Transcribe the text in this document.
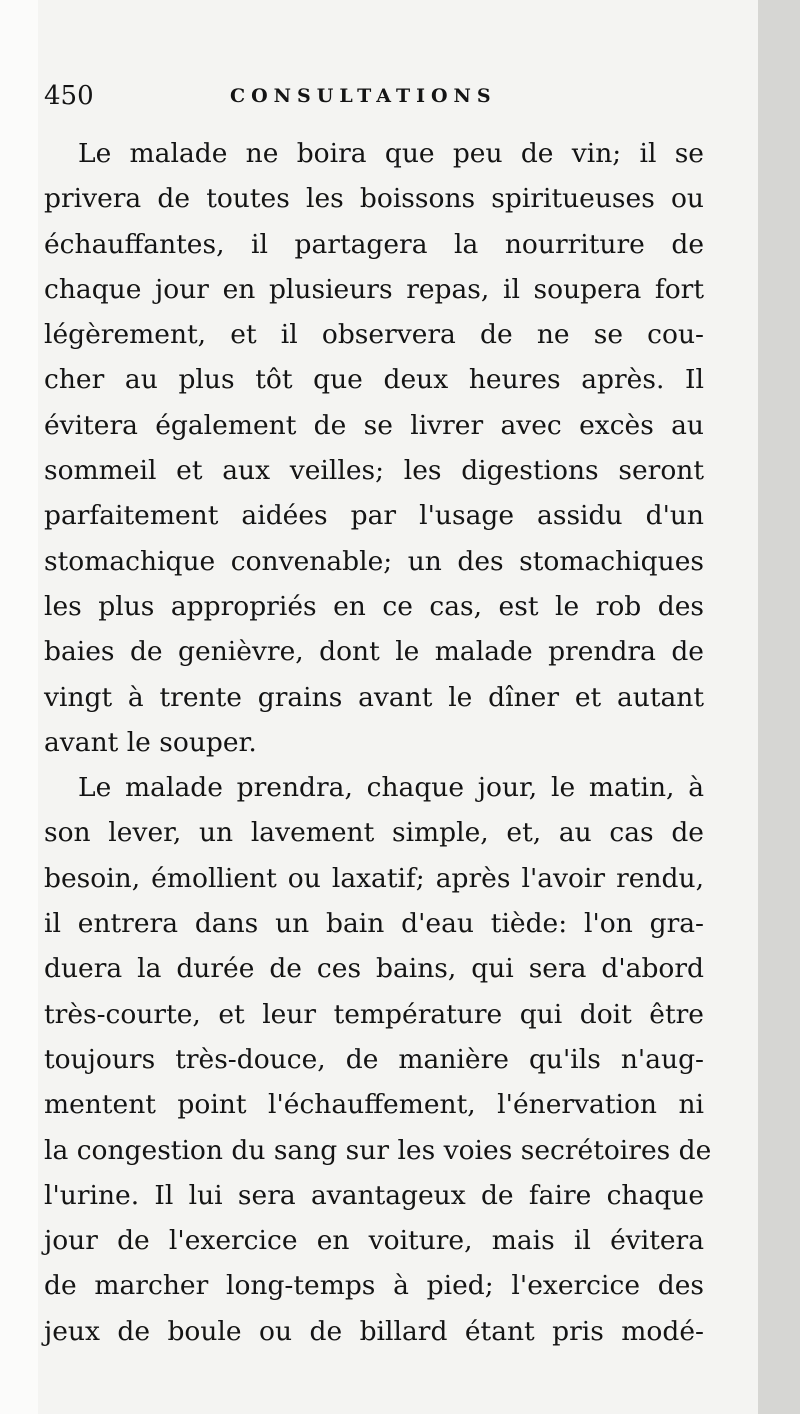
450	CONSULTATIONS
Le malade ne boira que peu de vin; il se
privera de toutes les boissons spiritueuses ou
échauffantes, il partagera la nourriture de
chaque jour en plusieurs repas, il soupera fort
légèrement, et il observera de ne se cou-
cher au plus tôt que deux heures après. Il
évitera également de se livrer avec excès au
sommeil et aux veilles; les digestions seront
parfaitement aidées par l'usage assidu d'un
stomachique convenable; un des stomachiques
les plus appropriés en ce cas, est le rob des
baies de genièvre, dont le malade prendra de
vingt à trente grains avant le dîner et autant
avant le souper.
Le malade prendra, chaque jour, le matin, à
son lever, un lavement simple, et, au cas de
besoin, émollient ou laxatif; après l'avoir rendu,
il entrera dans un bain d'eau tiède: l'on gra-
duera la durée de ces bains, qui sera d'abord
très-courte, et leur température qui doit être
toujours très-douce, de manière qu'ils n'aug-
mentent point l'échauffement, l'énervation ni
la congestion du sang sur les voies secrétoires de
l'urine. Il lui sera avantageux de faire chaque
jour de l'exercice en voiture, mais il évitera
de marcher long-temps à pied; l'exercice des
jeux de boule ou de billard étant pris modé-
